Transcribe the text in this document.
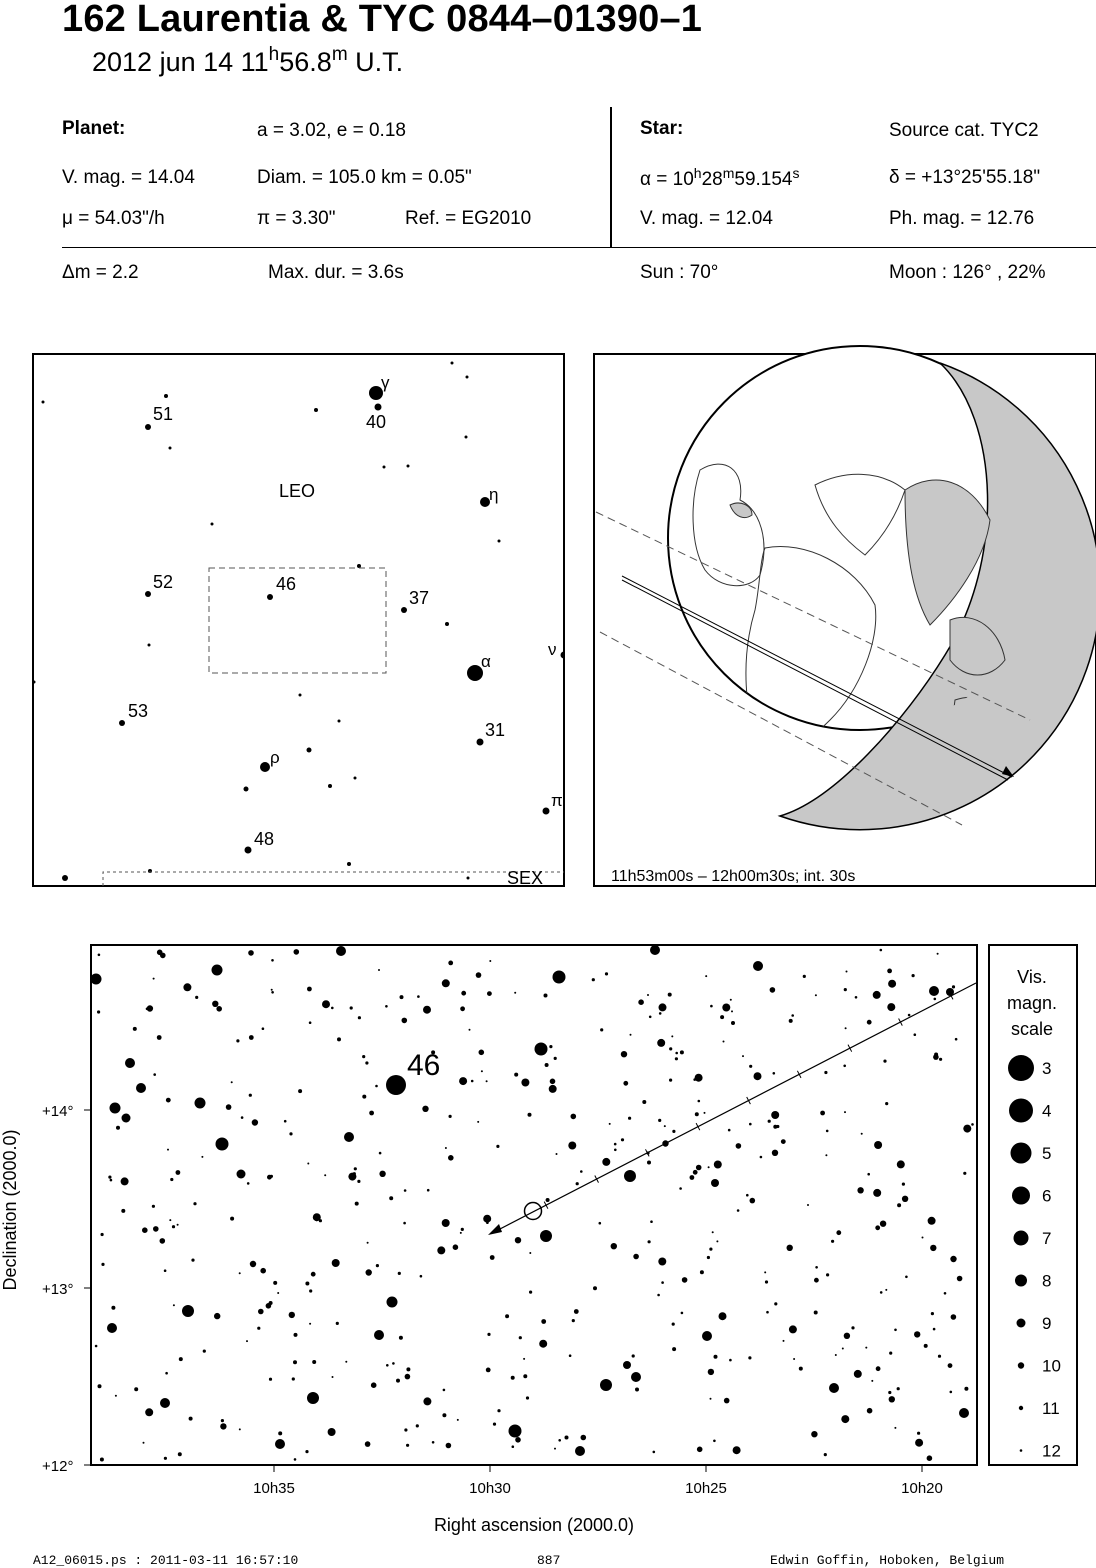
162 Laurentia & TYC 0844–01390–1
2012 jun 14 11$^h$56.8$^m$ U.T.
Planet:	a = 3.02, e = 0.18
V. mag. = 14.04	Diam. = 105.0 km = 0.05"
μ = 54.03"/h	π = 3.30"	Ref. = EG2010
Star:	Source cat. TYC2
$\alpha = 10^h28^m59.154^s$	δ = +13°25'55.18"
V. mag. = 12.04	Ph. mag. = 12.76
Δm = 2.2	Max. dur. = 3.6s	Sun : 70°	Moon : 126° , 22%
LEO
SEX
γ
40
51
η
52	46
37
ν
α
53
31
ρ
π
48
11h53m00s – 12h00m30s; int. 30s
46
+14°
+13°
+12°
10h35	10h30	10h25	10h20
Right ascension (2000.0)
Declination (2000.0)
Vis.
magn.
scale
3
4
5
6
7
8
9
10
11
12
A12_06015.ps : 2011-03-11 16:57:10	887	Edwin Goffin, Hoboken, Belgium
